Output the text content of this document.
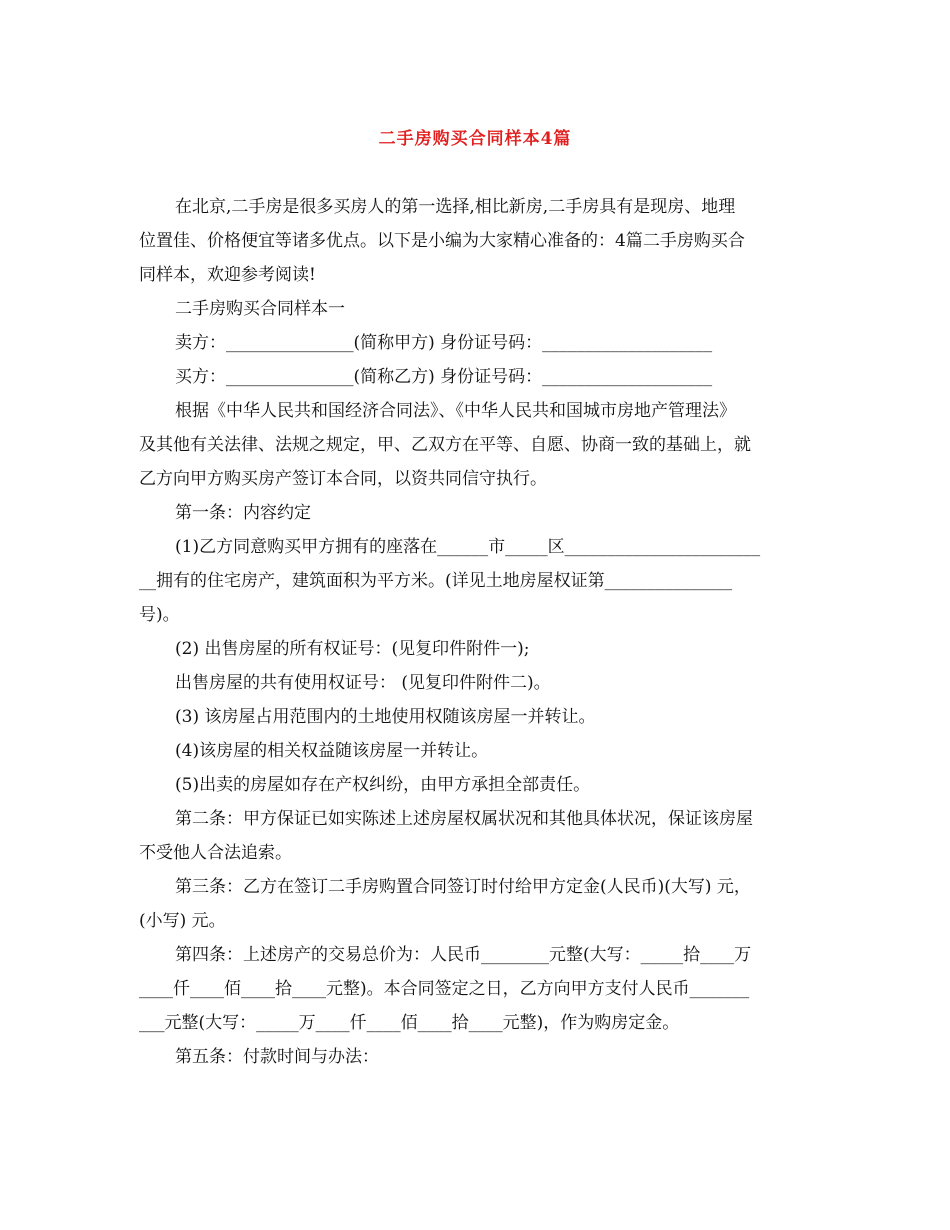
二手房购买合同样本4篇
在北京,二手房是很多买房人的第一选择,相比新房,二手房具有是现房、地理
位置佳、价格便宜等诸多优点。以下是小编为大家精心准备的：4篇二手房购买合
同样本，欢迎参考阅读!
二手房购买合同样本一
卖方：_______________(简称甲方) 身份证号码：____________________
买方：_______________(简称乙方) 身份证号码：____________________
根据《中华人民共和国经济合同法》、《中华人民共和国城市房地产管理法》
及其他有关法律、法规之规定，甲、乙双方在平等、自愿、协商一致的基础上，就
乙方向甲方购买房产签订本合同，以资共同信守执行。
第一条：内容约定
(1)乙方同意购买甲方拥有的座落在______市_____区_______________________
__拥有的住宅房产，建筑面积为平方米。(详见土地房屋权证第_______________
号)。
(2) 出售房屋的所有权证号：(见复印件附件一);
出售房屋的共有使用权证号： (见复印件附件二)。
(3) 该房屋占用范围内的土地使用权随该房屋一并转让。
(4)该房屋的相关权益随该房屋一并转让。
(5)出卖的房屋如存在产权纠纷，由甲方承担全部责任。
第二条：甲方保证已如实陈述上述房屋权属状况和其他具体状况，保证该房屋
不受他人合法追索。
第三条：乙方在签订二手房购置合同签订时付给甲方定金(人民币)(大写) 元，
(小写) 元。
第四条：上述房产的交易总价为：人民币________元整(大写：_____拾____万
____仟____佰____拾____元整)。本合同签定之日，乙方向甲方支付人民币_______
___元整(大写：_____万____仟____佰____拾____元整)，作为购房定金。
第五条：付款时间与办法：
